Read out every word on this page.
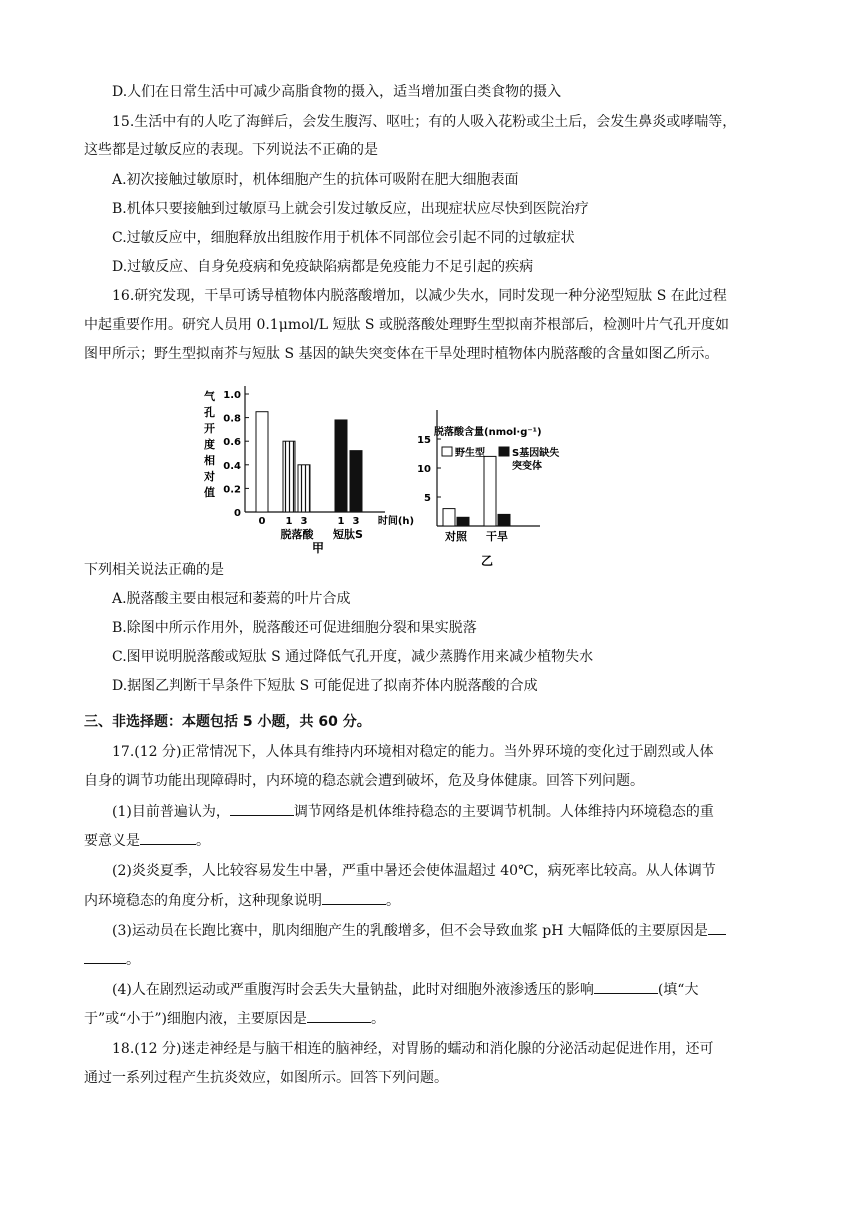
D.人们在日常生活中可减少高脂食物的摄入，适当增加蛋白类食物的摄入
15.生活中有的人吃了海鲜后，会发生腹泻、呕吐；有的人吸入花粉或尘土后，会发生鼻炎或哮喘等，
这些都是过敏反应的表现。下列说法不正确的是
A.初次接触过敏原时，机体细胞产生的抗体可吸附在肥大细胞表面
B.机体只要接触到过敏原马上就会引发过敏反应，出现症状应尽快到医院治疗
C.过敏反应中，细胞释放出组胺作用于机体不同部位会引起不同的过敏症状
D.过敏反应、自身免疫病和免疫缺陷病都是免疫能力不足引起的疾病
16.研究发现，干旱可诱导植物体内脱落酸增加，以减少失水，同时发现一种分泌型短肽 S 在此过程
中起重要作用。研究人员用 0.1μmol/L 短肽 S 或脱落酸处理野生型拟南芥根部后，检测叶片气孔开度如
图甲所示；野生型拟南芥与短肽 S 基因的缺失突变体在干旱处理时植物体内脱落酸的含量如图乙所示。
气
孔
开
度
相
对
值
0
0.2
0.4
0.6
0.8
1.0
0 1 3	1 3 时间(h)
脱落酸 短肽S
甲
脱落酸含量(nmol·g⁻¹)
5
10
15
对照 干旱
野生型	S基因缺失
突变体
乙
下列相关说法正确的是
A.脱落酸主要由根冠和萎蔫的叶片合成
B.除图中所示作用外，脱落酸还可促进细胞分裂和果实脱落
C.图甲说明脱落酸或短肽 S 通过降低气孔开度，减少蒸腾作用来减少植物失水
D.据图乙判断干旱条件下短肽 S 可能促进了拟南芥体内脱落酸的合成
三、非选择题：本题包括 5 小题，共 60 分。
17.(12 分)正常情况下，人体具有维持内环境相对稳定的能力。当外界环境的变化过于剧烈或人体
自身的调节功能出现障碍时，内环境的稳态就会遭到破坏，危及身体健康。回答下列问题。
(1)目前普遍认为，	调节网络是机体维持稳态的主要调节机制。人体维持内环境稳态的重
要意义是	。
(2)炎炎夏季，人比较容易发生中暑，严重中暑还会使体温超过 40℃，病死率比较高。从人体调节
内环境稳态的角度分析，这种现象说明	。
(3)运动员在长跑比赛中，肌肉细胞产生的乳酸增多，但不会导致血浆 pH 大幅降低的主要原因是
。
(4)人在剧烈运动或严重腹泻时会丢失大量钠盐，此时对细胞外液渗透压的影响	(填“大
于”或“小于”)细胞内液，主要原因是	。
18.(12 分)迷走神经是与脑干相连的脑神经，对胃肠的蠕动和消化腺的分泌活动起促进作用，还可
通过一系列过程产生抗炎效应，如图所示。回答下列问题。
